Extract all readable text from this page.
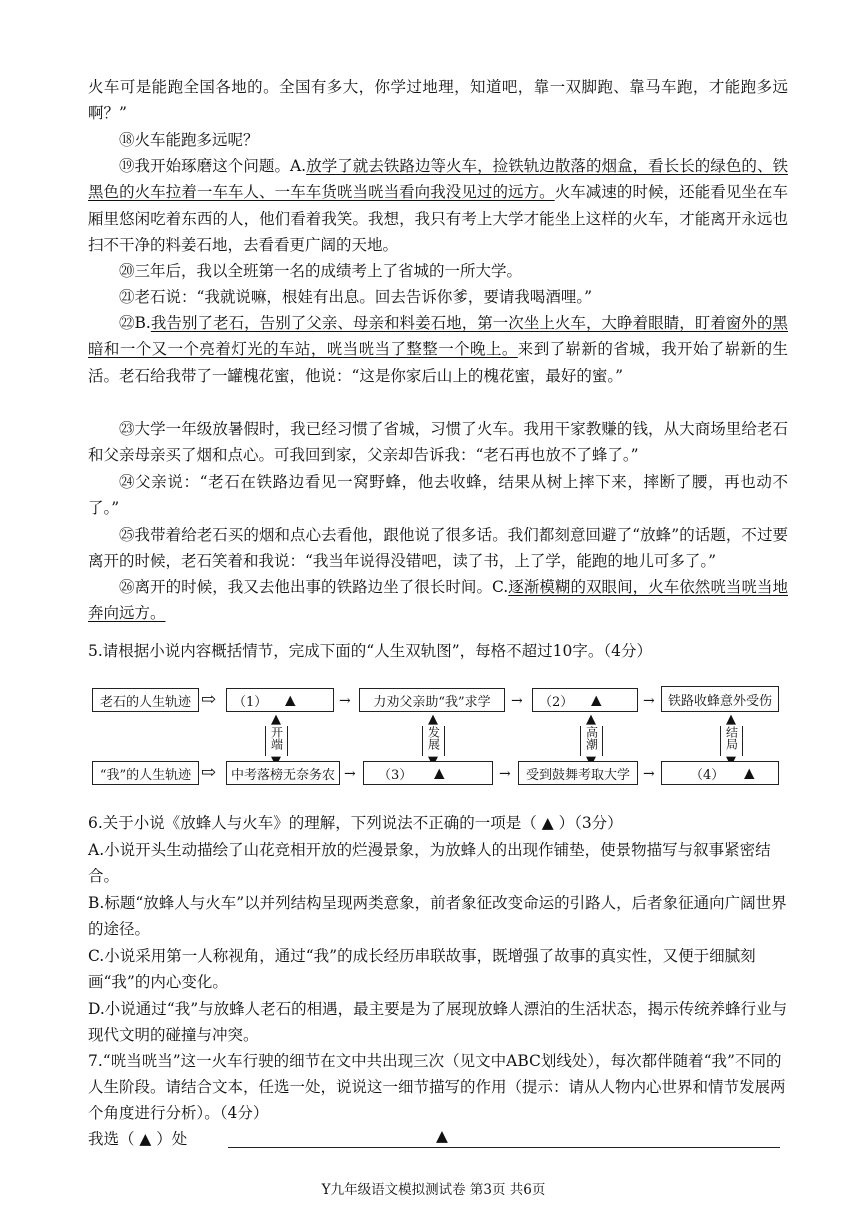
火车可是能跑全国各地的。全国有多大，你学过地理，知道吧，靠一双脚跑、靠马车跑，才能跑多远啊？”

⑱火车能跑多远呢？

⑲我开始琢磨这个问题。A.放学了就去铁路边等火车，捡铁轨边散落的烟盒，看长长的绿色的、铁黑色的火车拉着一车车人、一车车货咣当咣当看向我没见过的远方。火车减速的时候，还能看见坐在车厢里悠闲吃着东西的人，他们看着我笑。我想，我只有考上大学才能坐上这样的火车，才能离开永远也扫不干净的料姜石地，去看看更广阔的天地。

⑳三年后，我以全班第一名的成绩考上了省城的一所大学。

㉑老石说：“我就说嘛，根娃有出息。回去告诉你爹，要请我喝酒哩。”

㉒B.我告别了老石，告别了父亲、母亲和料姜石地，第一次坐上火车，大睁着眼睛，盯着窗外的黑暗和一个又一个亮着灯光的车站，咣当咣当了整整一个晚上。来到了崭新的省城，我开始了崭新的生活。老石给我带了一罐槐花蜜，他说：“这是你家后山上的槐花蜜，最好的蜜。”

㉓大学一年级放暑假时，我已经习惯了省城，习惯了火车。我用干家教赚的钱，从大商场里给老石和父亲母亲买了烟和点心。可我回到家，父亲却告诉我：“老石再也放不了蜂了。”

㉔父亲说：“老石在铁路边看见一窝野蜂，他去收蜂，结果从树上摔下来，摔断了腰，再也动不了。”

㉕我带着给老石买的烟和点心去看他，跟他说了很多话。我们都刻意回避了“放蜂”的话题，不过要离开的时候，老石笑着和我说：“我当年说得没错吧，读了书，上了学，能跑的地儿可多了。”

㉖离开的时候，我又去他出事的铁路边坐了很长时间。C.逐渐模糊的双眼间，火车依然咣当咣当地奔向远方。

5.请根据小说内容概括情节，完成下面的“人生双轨图”，每格不超过10字。（4分）

老石的人生轨迹 ⇨ （1） ▲	→	力劝父亲助“我”求学	→ （2） ▲	→	铁路收蜂意外受伤
▲
开端
▲
发展
▲
高潮
▲
结局
“我”的人生轨迹 ⇨	中考落榜无奈务农 → （3） ▲	→	受到鼓舞考取大学 →	（4） ▲

6.关于小说《放蜂人与火车》的理解，下列说法不正确的一项是（ ▲ ）（3分）

A.小说开头生动描绘了山花竞相开放的烂漫景象，为放蜂人的出现作铺垫，使景物描写与叙事紧密结合。

B.标题“放蜂人与火车”以并列结构呈现两类意象，前者象征改变命运的引路人，后者象征通向广阔世界的途径。

C.小说采用第一人称视角，通过“我”的成长经历串联故事，既增强了故事的真实性，又便于细腻刻画“我”的内心变化。

D.小说通过“我”与放蜂人老石的相遇，最主要是为了展现放蜂人漂泊的生活状态，揭示传统养蜂行业与现代文明的碰撞与冲突。

7.“咣当咣当”这一火车行驶的细节在文中共出现三次（见文中ABC划线处），每次都伴随着“我”不同的人生阶段。请结合文本，任选一处，说说这一细节描写的作用（提示：请从人物内心世界和情节发展两个角度进行分析）。（4分）

我选（ ▲ ）处	▲
Y九年级语文模拟测试卷 第3页 共6页
